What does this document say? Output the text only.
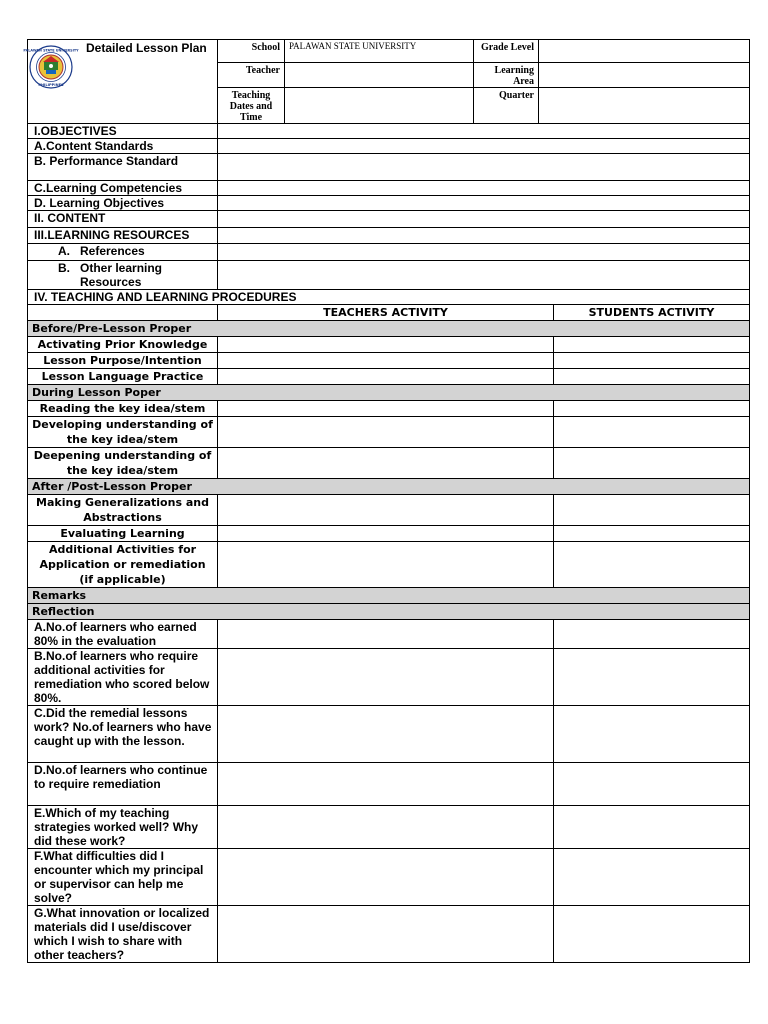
PALAWAN STATE UNIVERSITY
PHILIPPINES
Detailed Lesson Plan	School	PALAWAN STATE UNIVERSITY	Grade Level	
	Teacher		Learning Area	
	Teaching Dates and Time		Quarter	
I.OBJECTIVES	
A.Content Standards	
B. Performance Standard	
C.Learning Competencies	
D. Learning Objectives	
II. CONTENT	
III.LEARNING RESOURCES	
A. References	

B. Other learning Resources	

IV. TEACHING AND LEARNING PROCEDURES	
	TEACHERS ACTIVITY	STUDENTS ACTIVITY
Before/Pre-Lesson Proper		
Activating Prior Knowledge		
Lesson Purpose/Intention		
Lesson Language Practice		
During Lesson Poper		
Reading the key idea/stem		
Developing understanding of the key idea/stem		
Deepening understanding of the key idea/stem		
After /Post-Lesson Proper		
Making Generalizations and Abstractions		
Evaluating Learning		
Additional Activities for Application or remediation (if applicable)		
Remarks		
Reflection		
A.No.of learners who earned 80% in the evaluation		
B.No.of learners who require additional activities for remediation who scored below 80%.		
C.Did the remedial lessons work? No.of learners who have caught up with the lesson.		
D.No.of learners who continue to require remediation		
E.Which of my teaching strategies worked well? Why did these work?		
F.What difficulties did I encounter which my principal or supervisor can help me solve?		
G.What innovation or localized materials did I use/discover which I wish to share with other teachers?		
